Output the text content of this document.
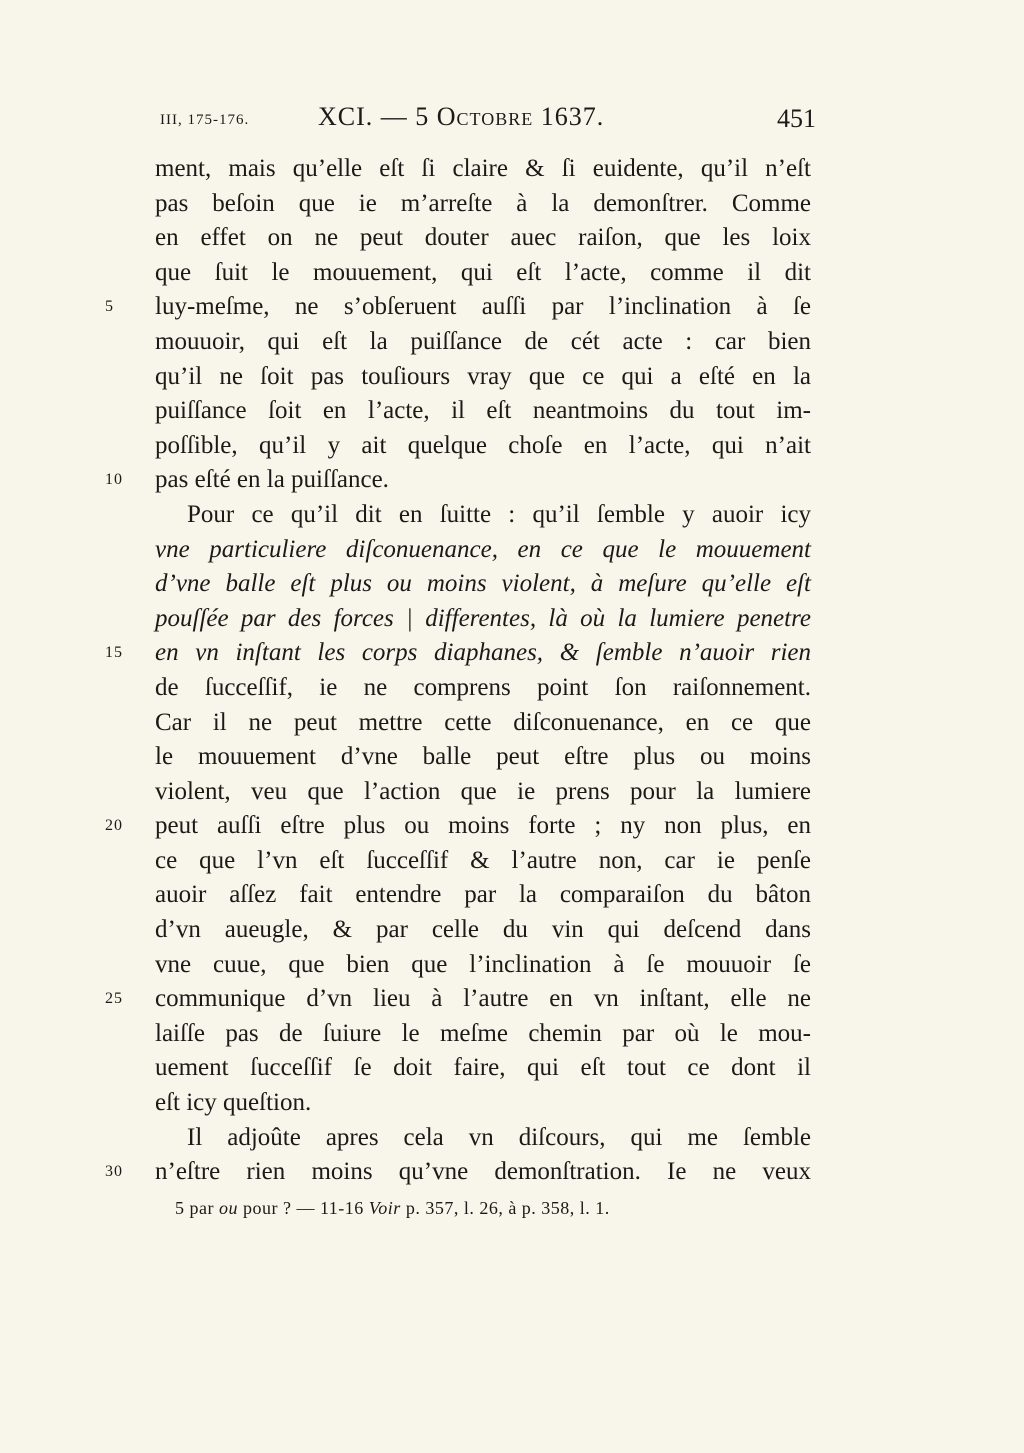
III, 175-176.	XCI. — 5 Octobre 1637.	451
ment, mais qu’elle eſt ſi claire & ſi euidente, qu’il n’eſt
pas beſoin que ie m’arreſte à la demonſtrer. Comme
en effet on ne peut douter auec raiſon, que les loix
que ſuit le mouuement, qui eſt l’acte, comme il dit
5	luy-meſme, ne s’obſeruent auſſi par l’inclination à ſe
mouuoir, qui eſt la puiſſance de cét acte : car bien
qu’il ne ſoit pas touſiours vray que ce qui a eſté en la
puiſſance ſoit en l’acte, il eſt neantmoins du tout im-
poſſible, qu’il y ait quelque choſe en l’acte, qui n’ait
10	pas eſté en la puiſſance.
Pour ce qu’il dit en ſuitte : qu’il ſemble y auoir icy
vne particuliere diſconuenance, en ce que le mouuement
d’vne balle eſt plus ou moins violent, à meſure qu’elle eſt
pouſſée par des forces | differentes, là où la lumiere penetre
15	en vn inſtant les corps diaphanes, & ſemble n’auoir rien
de ſucceſſif, ie ne comprens point ſon raiſonnement.
Car il ne peut mettre cette diſconuenance, en ce que
le mouuement d’vne balle peut eſtre plus ou moins
violent, veu que l’action que ie prens pour la lumiere
20	peut auſſi eſtre plus ou moins forte ; ny non plus, en
ce que l’vn eſt ſucceſſif & l’autre non, car ie penſe
auoir aſſez fait entendre par la comparaiſon du bâton
d’vn aueugle, & par celle du vin qui deſcend dans
vne cuue, que bien que l’inclination à ſe mouuoir ſe
25	communique d’vn lieu à l’autre en vn inſtant, elle ne
laiſſe pas de ſuiure le meſme chemin par où le mou-
uement ſucceſſif ſe doit faire, qui eſt tout ce dont il
eſt icy queſtion.
Il adjoûte apres cela vn diſcours, qui me ſemble
30	n’eſtre rien moins qu’vne demonſtration. Ie ne veux
5 par ou pour ? — 11-16 Voir p. 357, l. 26, à p. 358, l. 1.
